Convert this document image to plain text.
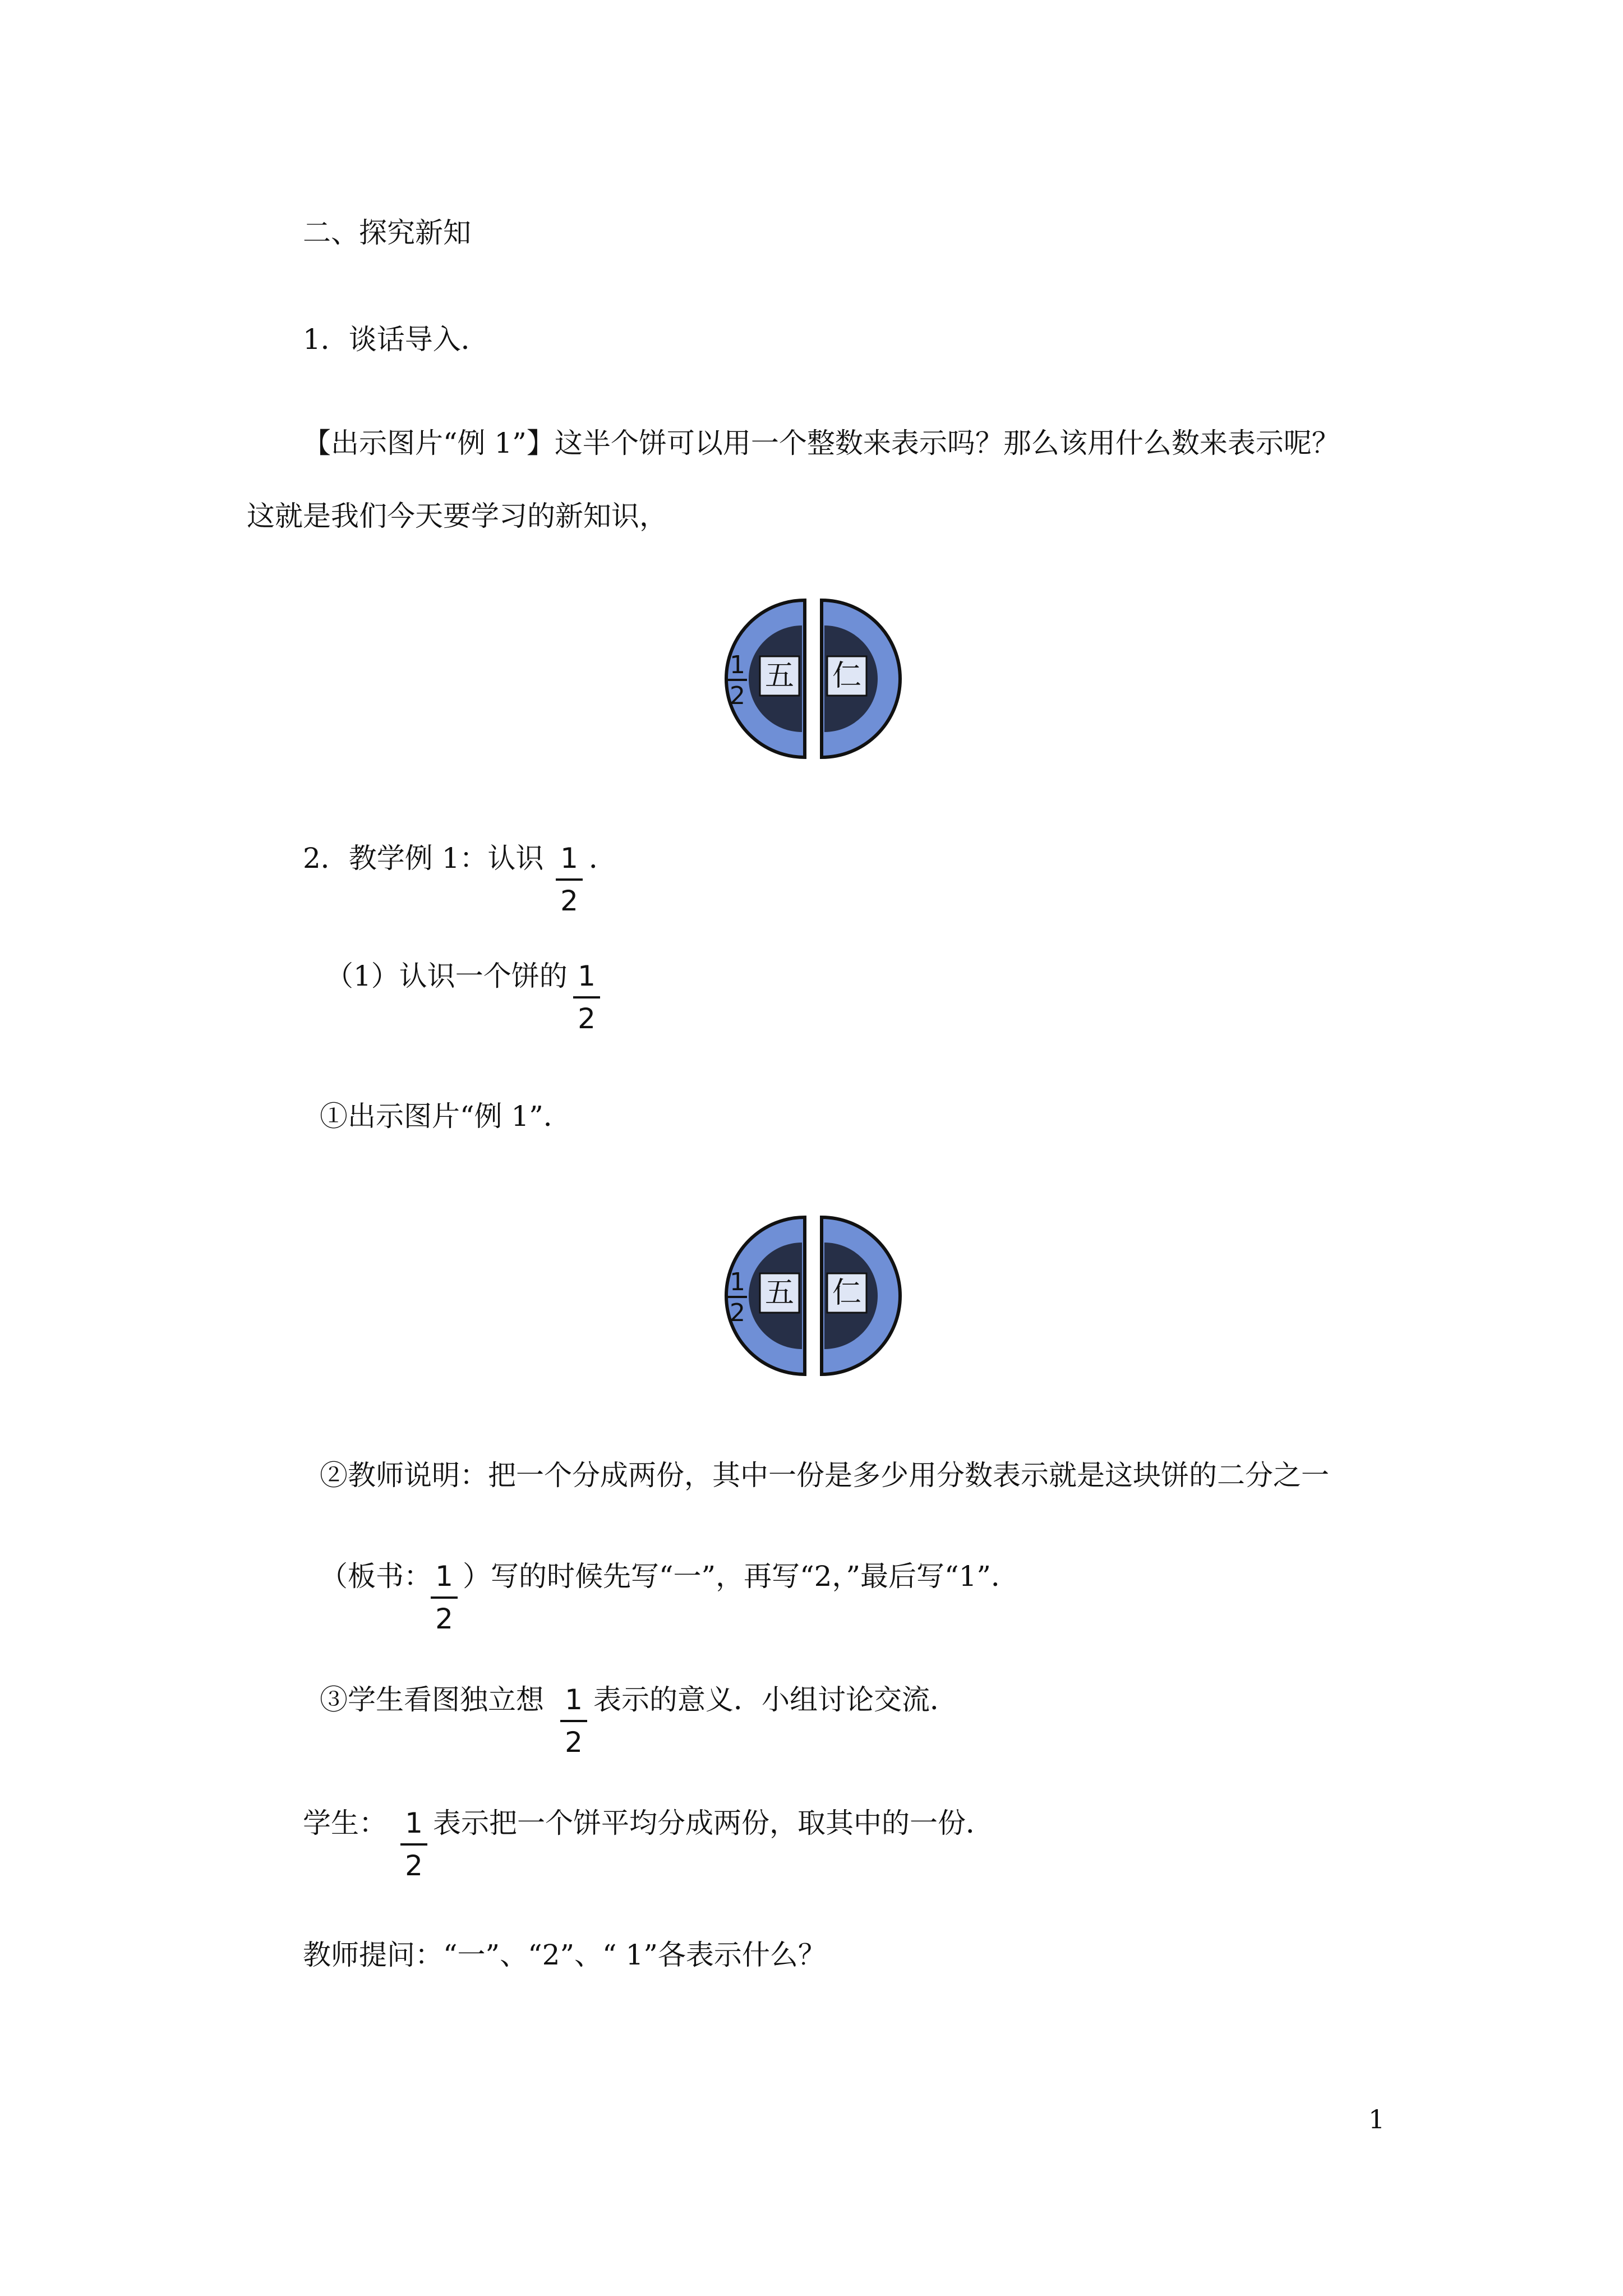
二、探究新知
1．谈话导入．
【出示图片“例 1”】这半个饼可以用一个整数来表示吗？那么该用什么数来表示呢？
这就是我们今天要学习的新知识，
五
1
2
仁
2．教学例 1：认识 1
2
．
（1）认识一个饼的 1
2
①出示图片“例 1”．
五
1
2
仁
②教师说明：把一个分成两份，其中一份是多少用分数表示就是这块饼的二分之一
（板书： 1
2
）写的时候先写“一”，再写“2，”最后写“1”．
③学生看图独立想 1
2
表示的意义．小组讨论交流．
学生： 1
2
表示把一个饼平均分成两份，取其中的一份．
教师提问：“一”、“2”、“ 1”各表示什么？
1
